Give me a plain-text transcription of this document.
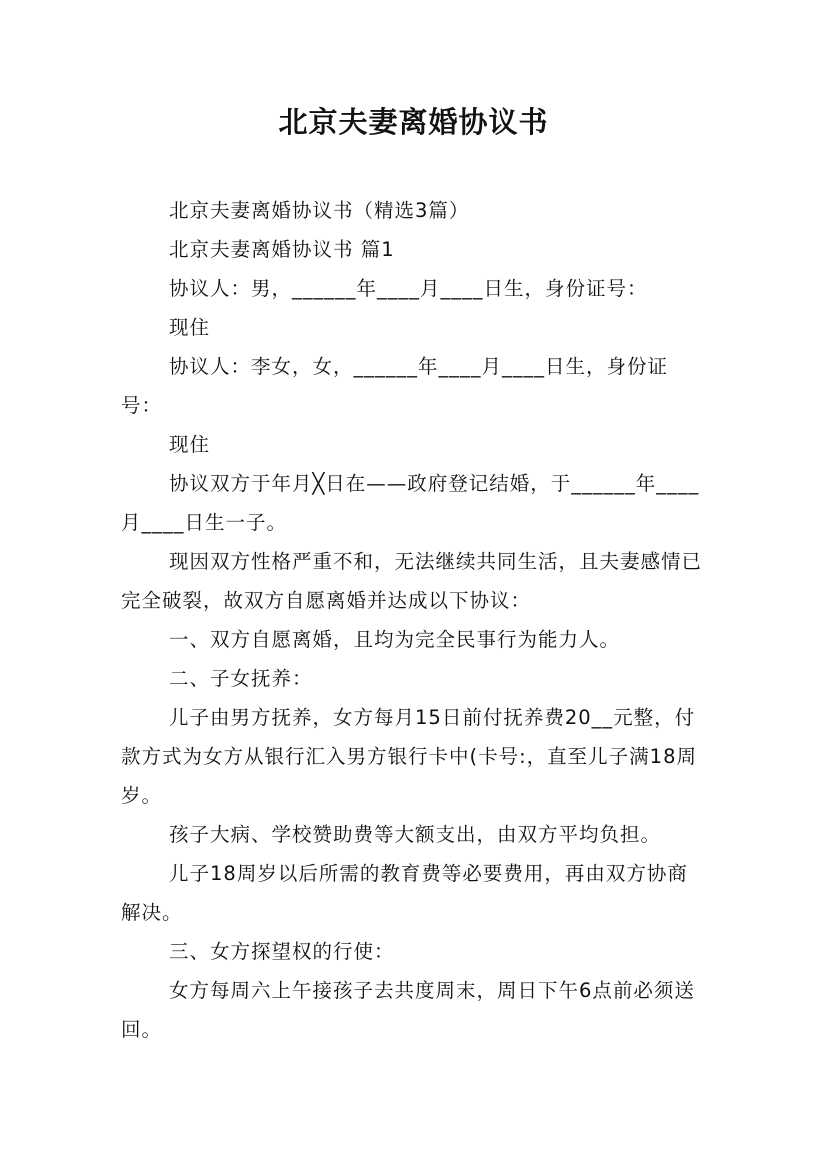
北京夫妻离婚协议书

北京夫妻离婚协议书（精选3篇）

北京夫妻离婚协议书 篇1

协议人：男，______年____月____日生，身份证号：

现住

协议人：李女，女，______年____月____日生，身份证号：

现住

协议双方于年月╳日在——政府登记结婚，于______年____月____日生一子。

现因双方性格严重不和，无法继续共同生活，且夫妻感情已完全破裂，故双方自愿离婚并达成以下协议：

一、双方自愿离婚，且均为完全民事行为能力人。

二、子女抚养：

儿子由男方抚养，女方每月15日前付抚养费20__元整，付款方式为女方从银行汇入男方银行卡中(卡号:，直至儿子满18周岁。

孩子大病、学校赞助费等大额支出，由双方平均负担。

儿子18周岁以后所需的教育费等必要费用，再由双方协商解决。

三、女方探望权的行使：

女方每周六上午接孩子去共度周末，周日下午6点前必须送回。
